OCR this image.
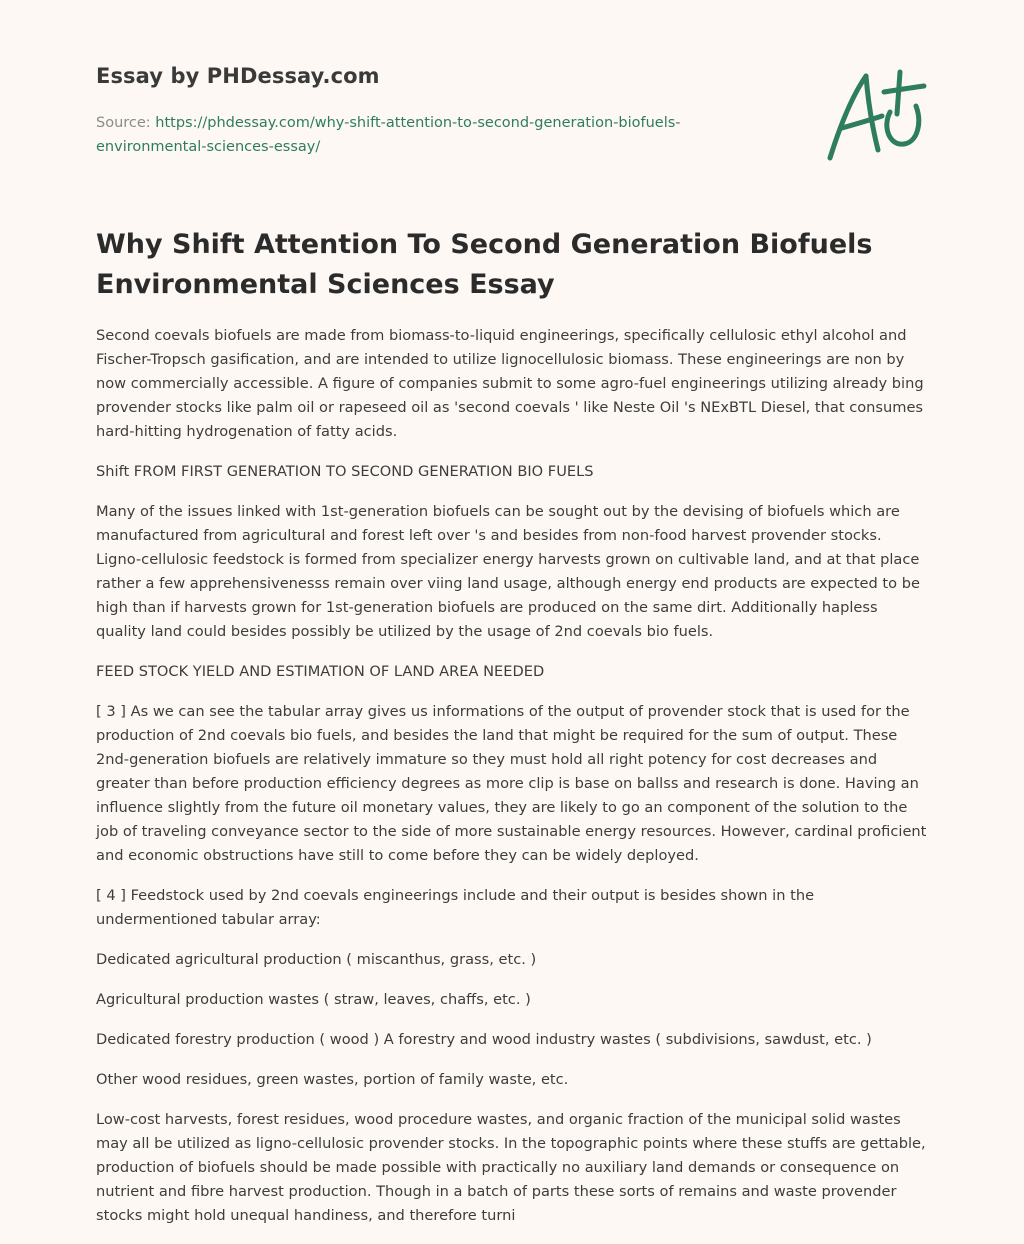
Essay by PHDessay.com
Source: https://phdessay.com/why-shift-attention-to-second-generation-biofuels-
environmental-sciences-essay/
Why Shift Attention To Second Generation Biofuels
Environmental Sciences Essay

Second coevals biofuels are made from biomass-to-liquid engineerings, specifically cellulosic ethyl alcohol and Fischer-Tropsch gasification, and are intended to utilize lignocellulosic biomass. These engineerings are non by now commercially accessible. A figure of companies submit to some agro-fuel engineerings utilizing already bing provender stocks like palm oil or rapeseed oil as 'second coevals ' like Neste Oil 's NExBTL Diesel, that consumes hard-hitting hydrogenation of fatty acids.

Shift FROM FIRST GENERATION TO SECOND GENERATION BIO FUELS

Many of the issues linked with 1st-generation biofuels can be sought out by the devising of biofuels which are manufactured from agricultural and forest left over 's and besides from non-food harvest provender stocks. Ligno-cellulosic feedstock is formed from specializer energy harvests grown on cultivable land, and at that place rather a few apprehensivenesss remain over viing land usage, although energy end products are expected to be high than if harvests grown for 1st-generation biofuels are produced on the same dirt. Additionally hapless quality land could besides possibly be utilized by the usage of 2nd coevals bio fuels.

FEED STOCK YIELD AND ESTIMATION OF LAND AREA NEEDED

[ 3 ] As we can see the tabular array gives us informations of the output of provender stock that is used for the production of 2nd coevals bio fuels, and besides the land that might be required for the sum of output. These 2nd-generation biofuels are relatively immature so they must hold all right potency for cost decreases and greater than before production efficiency degrees as more clip is base on ballss and research is done. Having an influence slightly from the future oil monetary values, they are likely to go an component of the solution to the job of traveling conveyance sector to the side of more sustainable energy resources. However, cardinal proficient and economic obstructions have still to come before they can be widely deployed.

[ 4 ] Feedstock used by 2nd coevals engineerings include and their output is besides shown in the undermentioned tabular array:

Dedicated agricultural production ( miscanthus, grass, etc. )

Agricultural production wastes ( straw, leaves, chaffs, etc. )

Dedicated forestry production ( wood ) A forestry and wood industry wastes ( subdivisions, sawdust, etc. )

Other wood residues, green wastes, portion of family waste, etc.

Low-cost harvests, forest residues, wood procedure wastes, and organic fraction of the municipal solid wastes may all be utilized as ligno-cellulosic provender stocks. In the topographic points where these stuffs are gettable, production of biofuels should be made possible with practically no auxiliary land demands or consequence on nutrient and fibre harvest production. Though in a batch of parts these sorts of remains and waste provender stocks might hold unequal handiness, and therefore turni
